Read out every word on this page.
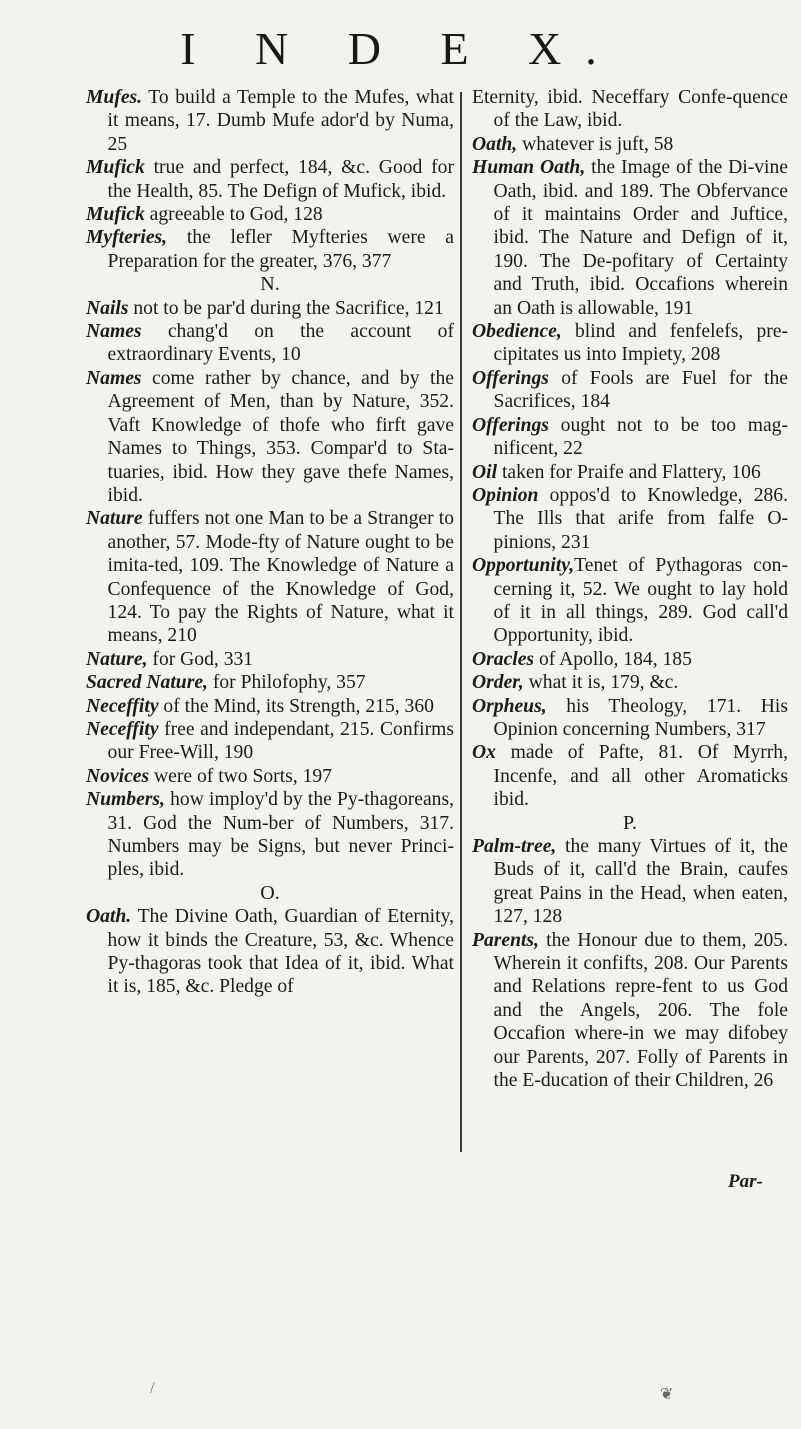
I N D E X.

Mufes. To build a Temple to the Mufes, what it means, 17. Dumb Mufe ador'd by Numa, 25

Mufick true and perfect, 184, &c. Good for the Health, 85. The Defign of Mufick, ibid.

Mufick agreeable to God, 128

Myfteries, the lefler Myfteries were a Preparation for the greater, 376, 377

N.

Nails not to be par'd during the Sacrifice, 121

Names chang'd on the account of extraordinary Events, 10

Names come rather by chance, and by the Agreement of Men, than by Nature, 352. Vaft Knowledge of thofe who firft gave Names to Things, 353. Compar'd to Sta-tuaries, ibid. How they gave thefe Names, ibid.

Nature fuffers not one Man to be a Stranger to another, 57. Mode-fty of Nature ought to be imita-ted, 109. The Knowledge of Nature a Confequence of the Knowledge of God, 124. To pay the Rights of Nature, what it means, 210

Nature, for God, 331

Sacred Nature, for Philofophy, 357

Neceffity of the Mind, its Strength, 215, 360

Neceffity free and independant, 215. Confirms our Free-Will, 190

Novices were of two Sorts, 197

Numbers, how imploy'd by the Py-thagoreans, 31. God the Num-ber of Numbers, 317. Numbers may be Signs, but never Princi-ples, ibid.

O.

Oath. The Divine Oath, Guardian of Eternity, how it binds the Creature, 53, &c. Whence Py-thagoras took that Idea of it, ibid. What it is, 185, &c. Pledge of

Eternity, ibid. Neceffary Confe-quence of the Law, ibid.

Oath, whatever is juft, 58

Human Oath, the Image of the Di-vine Oath, ibid. and 189. The Obfervance of it maintains Order and Juftice, ibid. The Nature and Defign of it, 190. The De-pofitary of Certainty and Truth, ibid. Occafions wherein an Oath is allowable, 191

Obedience, blind and fenfelefs, pre-cipitates us into Impiety, 208

Offerings of Fools are Fuel for the Sacrifices, 184

Offerings ought not to be too mag-nificent, 22

Oil taken for Praife and Flattery, 106

Opinion oppos'd to Knowledge, 286. The Ills that arife from falfe O-pinions, 231

Opportunity,Tenet of Pythagoras con-cerning it, 52. We ought to lay hold of it in all things, 289. God call'd Opportunity, ibid.

Oracles of Apollo, 184, 185

Order, what it is, 179, &c.

Orpheus, his Theology, 171. His Opinion concerning Numbers, 317

Ox made of Pafte, 81. Of Myrrh, Incenfe, and all other Aromaticks ibid.

P.

Palm-tree, the many Virtues of it, the Buds of it, call'd the Brain, caufes great Pains in the Head, when eaten, 127, 128

Parents, the Honour due to them, 205. Wherein it confifts, 208. Our Parents and Relations repre-fent to us God and the Angels, 206. The fole Occafion where-in we may difobey our Parents, 207. Folly of Parents in the E-ducation of their Children, 26

Par-
/	❦
